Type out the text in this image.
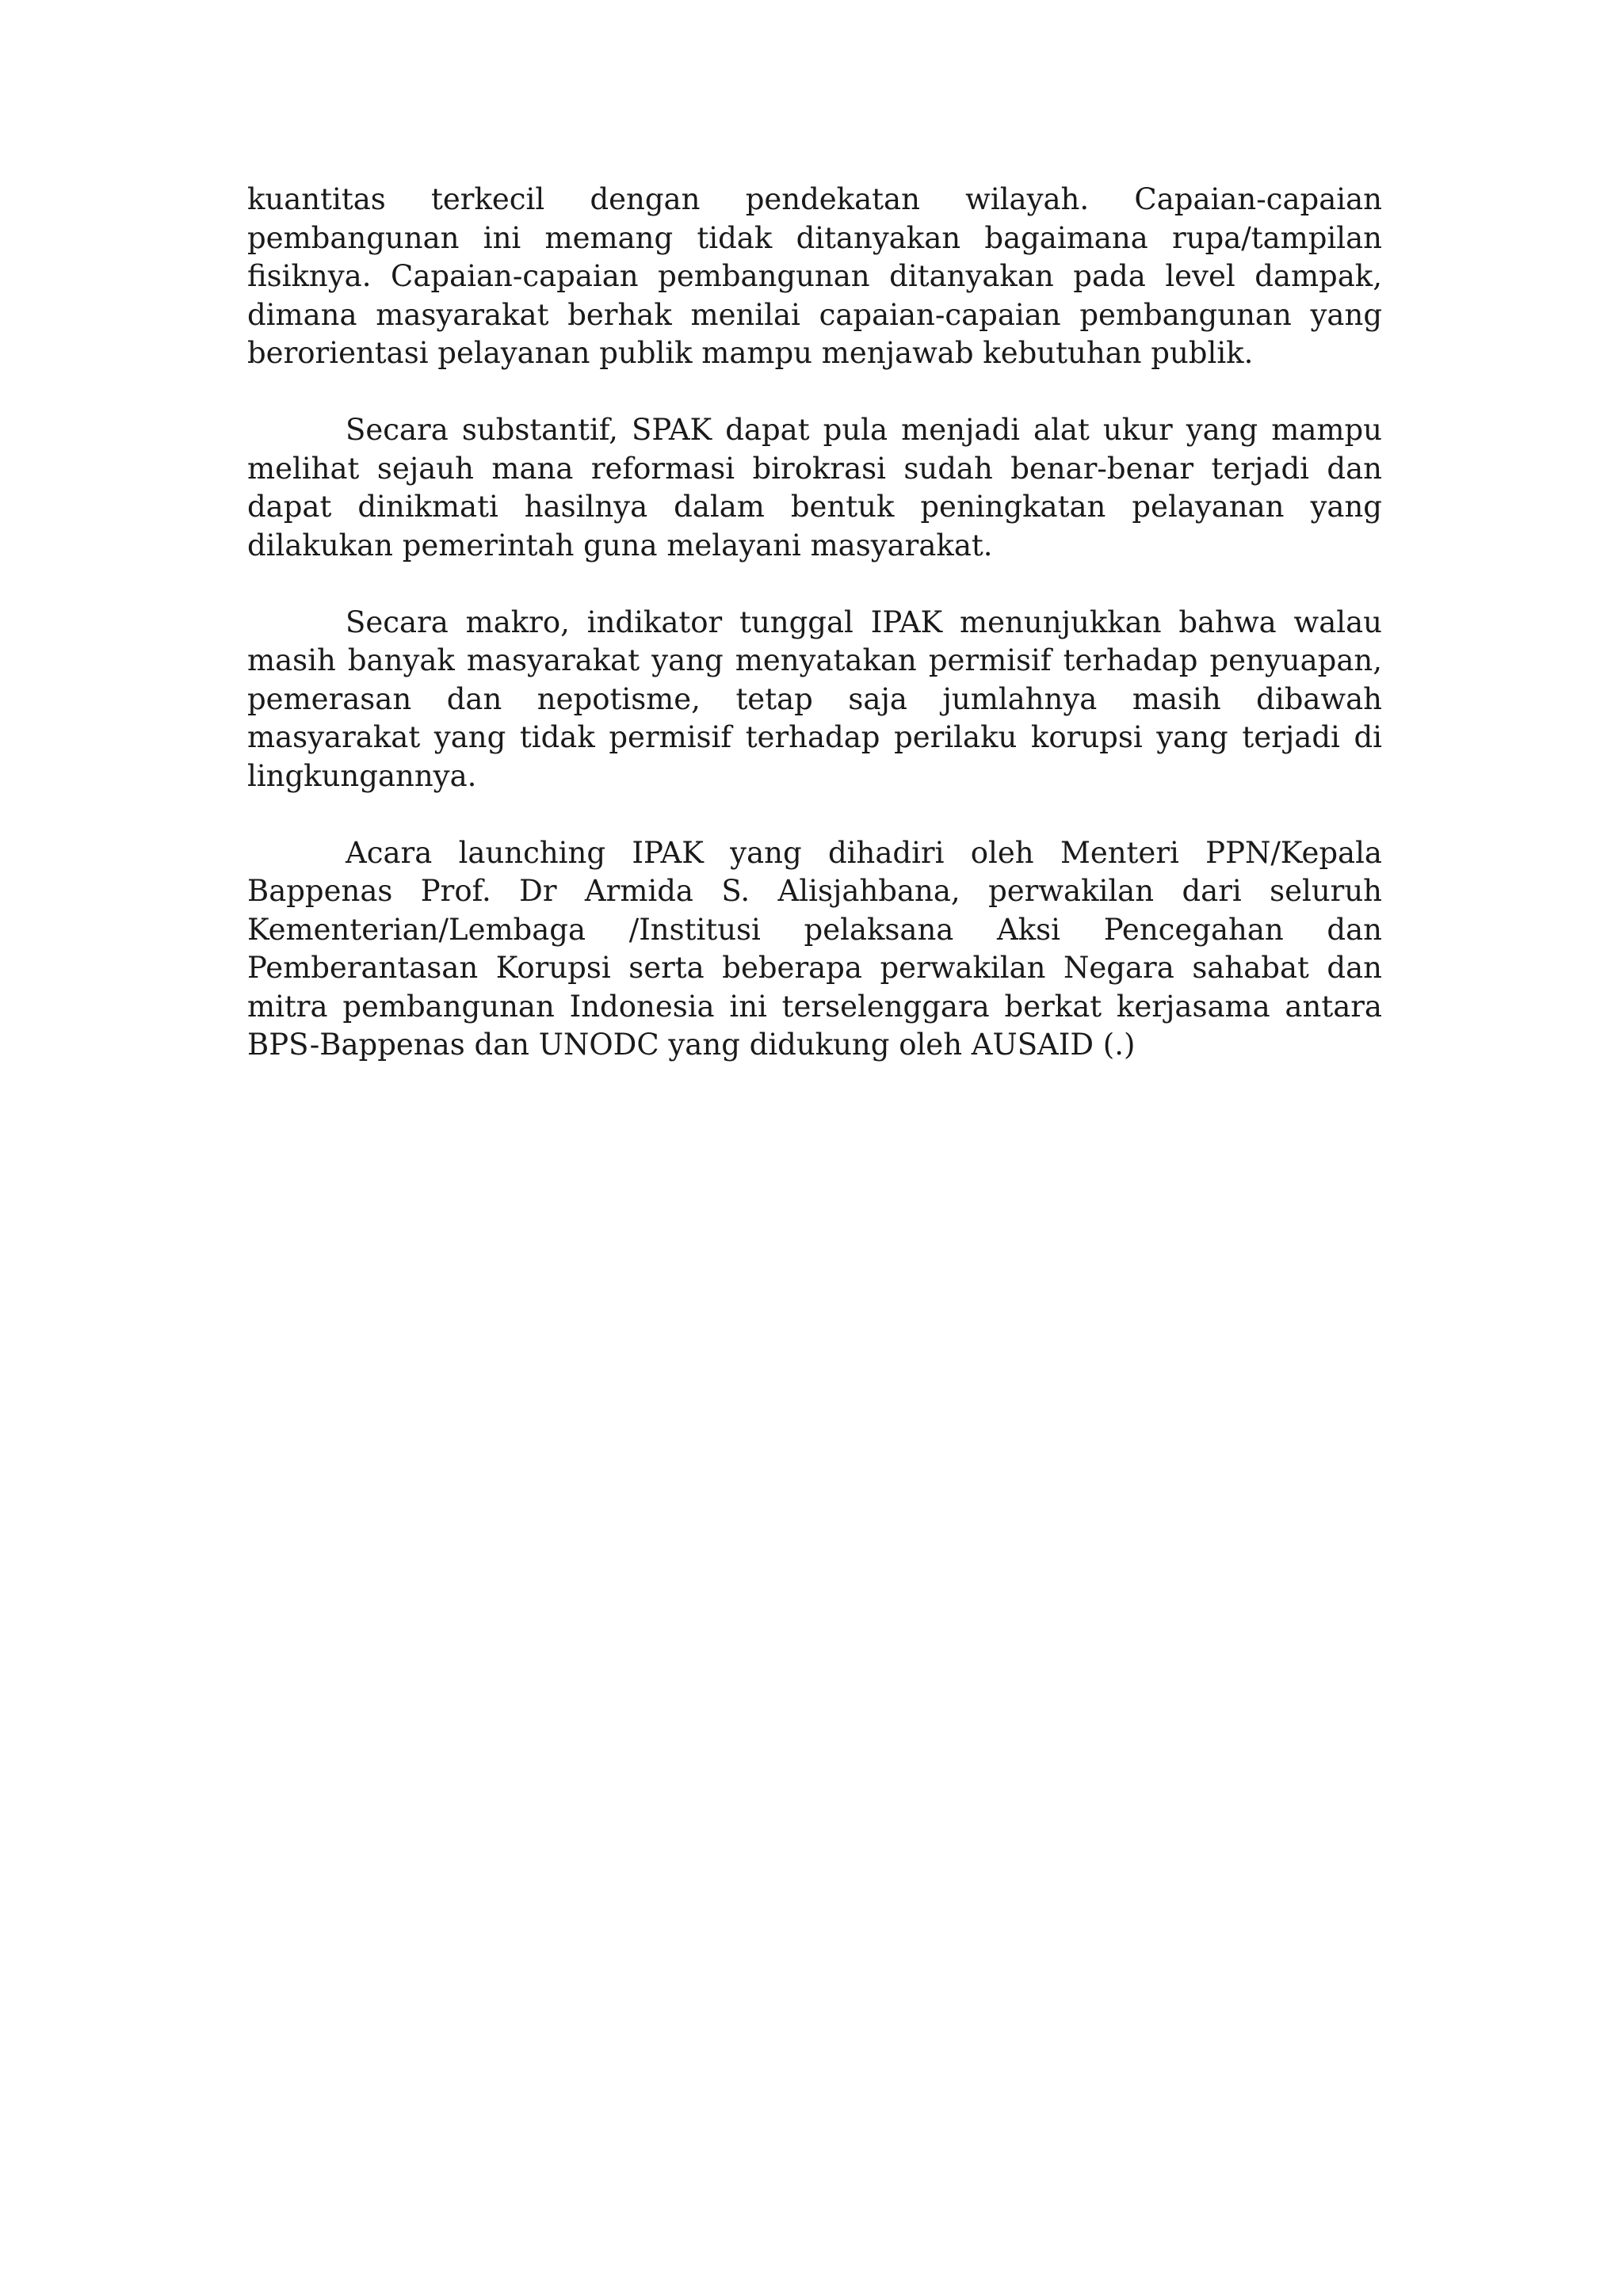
kuantitas terkecil dengan pendekatan wilayah. Capaian-capaian pembangunan ini memang tidak ditanyakan bagaimana rupa/tampilan fisiknya. Capaian-capaian pembangunan ditanyakan pada level dampak, dimana masyarakat berhak menilai capaian-capaian pembangunan yang berorientasi pelayanan publik mampu menjawab kebutuhan publik.

Secara substantif, SPAK dapat pula menjadi alat ukur yang mampu melihat sejauh mana reformasi birokrasi sudah benar-benar terjadi dan dapat dinikmati hasilnya dalam bentuk peningkatan pelayanan yang dilakukan pemerintah guna melayani masyarakat.

Secara makro, indikator tunggal IPAK menunjukkan bahwa walau masih banyak masyarakat yang menyatakan permisif terhadap penyuapan, pemerasan dan nepotisme, tetap saja jumlahnya masih dibawah masyarakat yang tidak permisif terhadap perilaku korupsi yang terjadi di lingkungannya.

Acara launching IPAK yang dihadiri oleh Menteri PPN/Kepala Bappenas Prof. Dr Armida S. Alisjahbana, perwakilan dari seluruh Kementerian/Lembaga /Institusi pelaksana Aksi Pencegahan dan Pemberantasan Korupsi serta beberapa perwakilan Negara sahabat dan mitra pembangunan Indonesia ini terselenggara berkat kerjasama antara BPS-Bappenas dan UNODC yang didukung oleh AUSAID (.)
